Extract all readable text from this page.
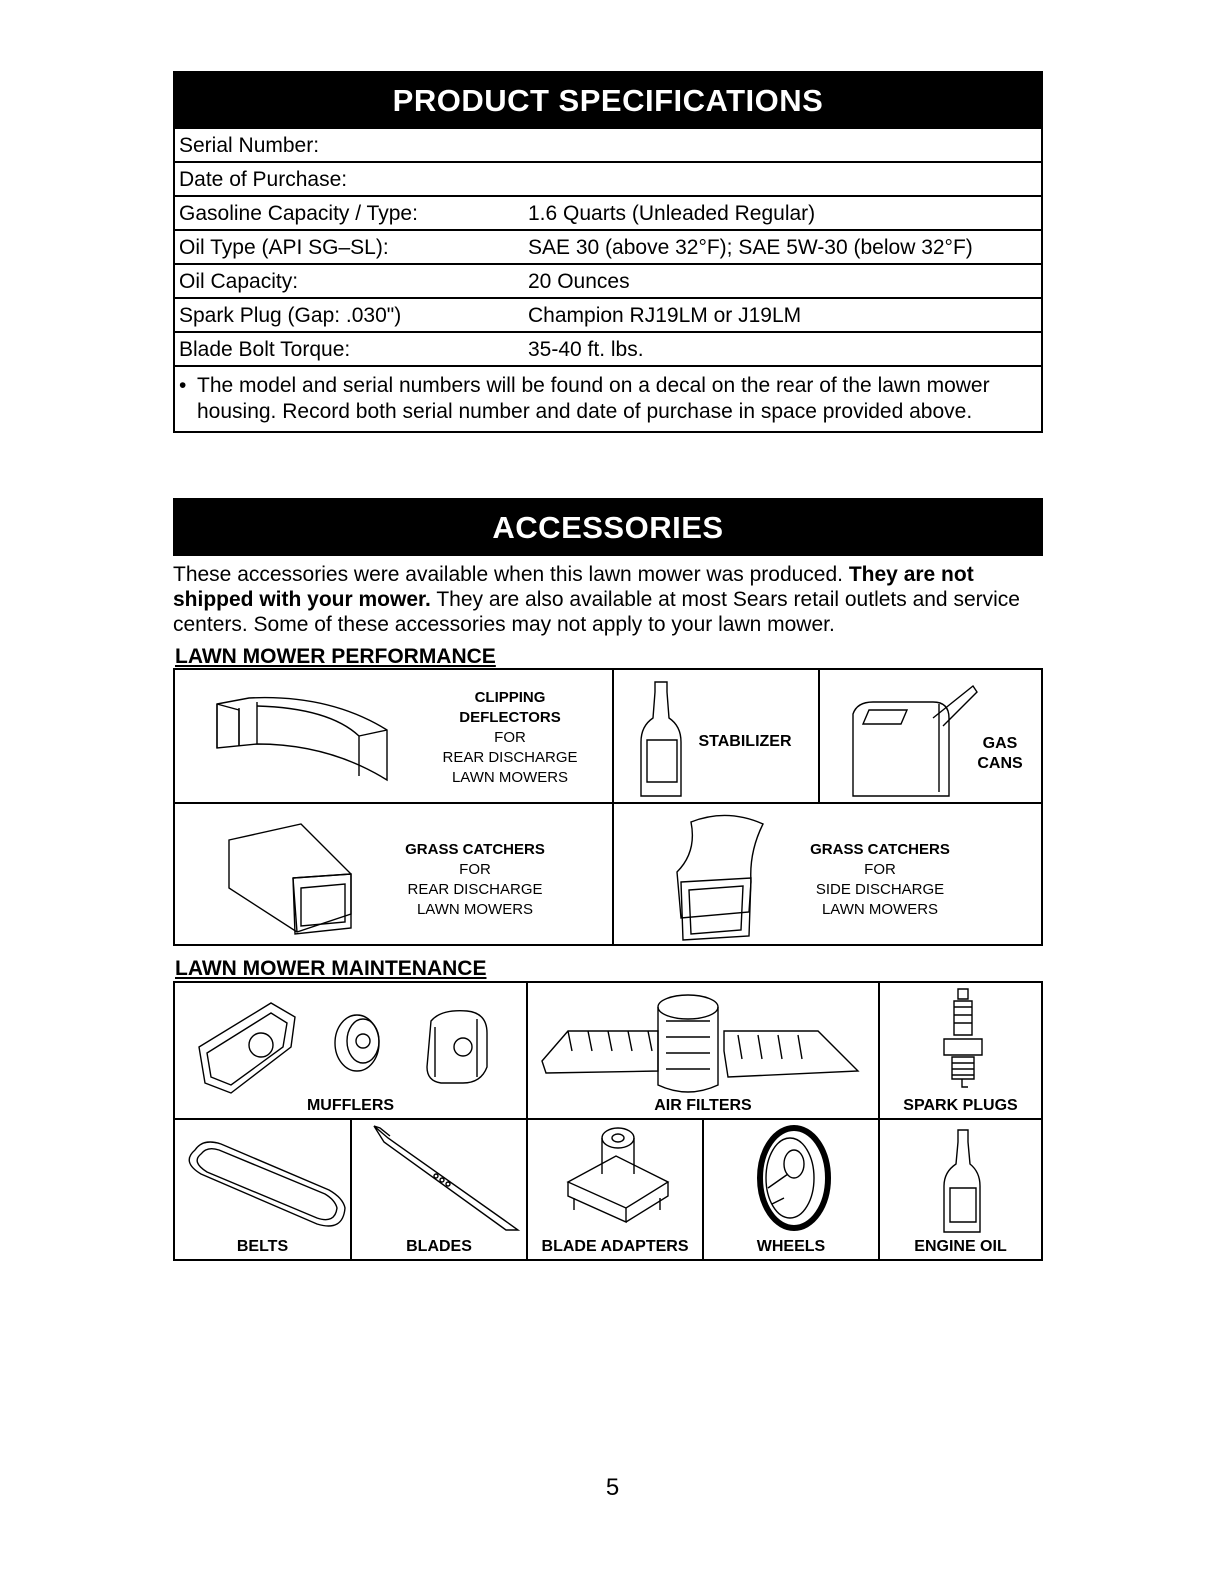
PRODUCT SPECIFICATIONS
Serial Number:
Date of Purchase:
Gasoline Capacity / Type:	1.6 Quarts (Unleaded Regular)
Oil Type (API SG–SL):	SAE 30 (above 32°F); SAE 5W-30 (below 32°F)
Oil Capacity:	20 Ounces
Spark Plug (Gap: .030")	Champion RJ19LM or J19LM
Blade Bolt Torque:	35-40 ft. lbs.
• The model and serial numbers will be found on a decal on the rear of the lawn mower housing. Record both serial number and date of purchase in space provided above.
ACCESSORIES
These accessories were available when this lawn mower was produced. They are not shipped with your mower. They are also available at most Sears retail outlets and service centers. Some of these accessories may not apply to your lawn mower.
LAWN MOWER PERFORMANCE
CLIPPING
DEFLECTORS
FOR
REAR DISCHARGE
LAWN MOWERS
STABILIZER	GAS
CANS
GRASS CATCHERS
FOR
REAR DISCHARGE
LAWN MOWERS
GRASS CATCHERS
FOR
SIDE DISCHARGE
LAWN MOWERS
LAWN MOWER MAINTENANCE
MUFFLERS	AIR FILTERS	SPARK PLUGS
BELTS	BLADES	BLADE ADAPTERS	WHEELS	ENGINE OIL
5
